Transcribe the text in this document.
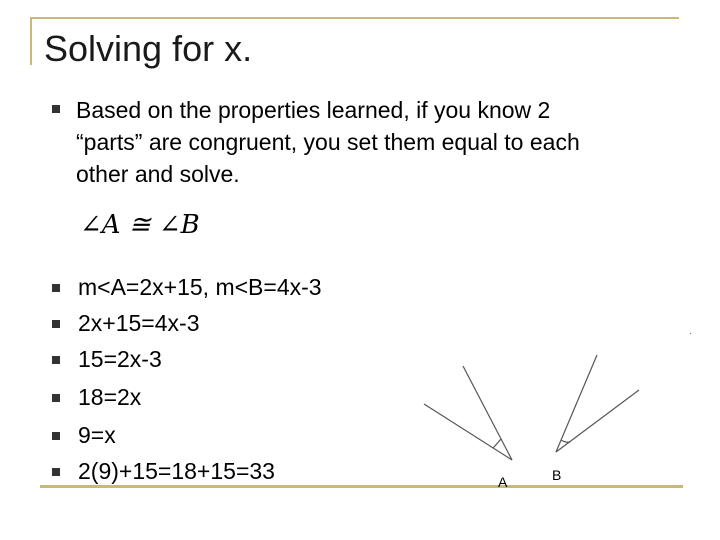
Solving for x.
Based on the properties learned, if you know 2
“parts” are congruent, you set them equal to each
other and solve.
∠A ≅ ∠B
m<A=2x+15, m<B=4x-3
2x+15=4x-3
15=2x-3
18=2x
9=x
2(9)+15=18+15=33
.
A	B
